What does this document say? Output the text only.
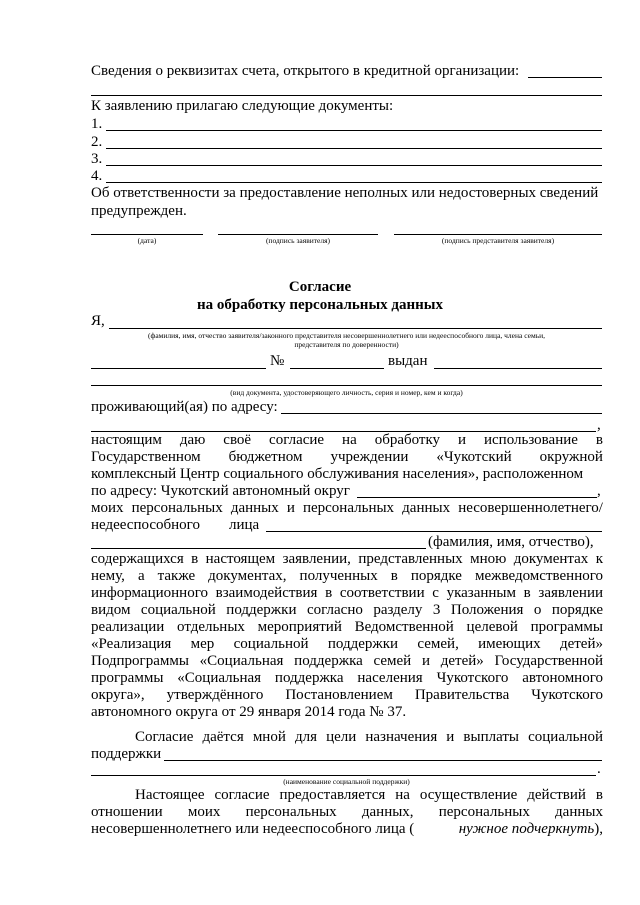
Сведения о реквизитах счета, открытого в кредитной организации:
К заявлению прилагаю следующие документы:
1.
2.
3.
4.
Об ответственности за предоставление неполных или недостоверных сведений
предупрежден.
(дата)	(подпись заявителя)	(подпись представителя заявителя)
Согласие
на обработку персональных данных
Я,
(фамилия, имя, отчество заявителя/законного представителя несовершеннолетнего или недееспособного лица, члена семьи,
представителя по доверенности)
№	выдан
(вид документа, удостоверяющего личность, серия и номер, кем и когда)
проживающий(ая) по адресу:
,
настоящим даю своё согласие на обработку и использование в
Государственном бюджетном учреждении «Чукотский окружной
комплексный Центр социального обслуживания населения», расположенном
по адресу: Чукотский автономный округ	,
моих персональных данных и персональных данных несовершеннолетнего/
недееспособного лица
(фамилия, имя, отчество),
содержащихся в настоящем заявлении, представленных мною документах к
нему, а также документах, полученных в порядке межведомственного
информационного взаимодействия в соответствии с указанным в заявлении
видом социальной поддержки согласно разделу 3 Положения о порядке
реализации отдельных мероприятий Ведомственной целевой программы
«Реализация мер социальной поддержки семей, имеющих детей»
Подпрограммы «Социальная поддержка семей и детей» Государственной
программы «Социальная поддержка населения Чукотского автономного
округа», утверждённого Постановлением Правительства Чукотского
автономного округа от 29 января 2014 года № 37.
Согласие даётся мной для цели назначения и выплаты социальной
поддержки
.
(наименование социальной поддержки)
Настоящее согласие предоставляется на осуществление действий в
отношении моих персональных данных, персональных данных
несовершеннолетнего или недееспособного лица (	нужное подчеркнуть),
